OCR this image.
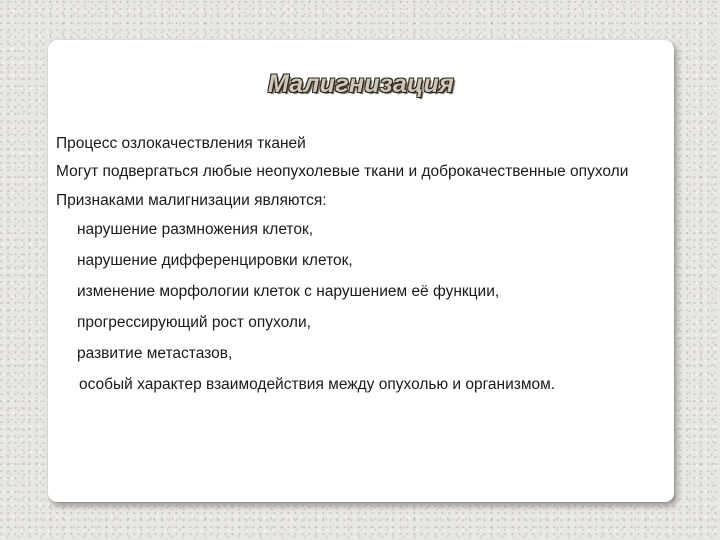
Малигнизация

Процесс озлокачествления тканей

Могут подвергаться любые неопухолевые ткани и доброкачественные опухоли

Признаками малигнизации являются:

нарушение размножения клеток,
нарушение дифференцировки клеток,
изменение морфологии клеток с нарушением её функции,
прогрессирующий рост опухоли,
развитие метастазов,
особый характер взаимодействия между опухолью и организмом.
